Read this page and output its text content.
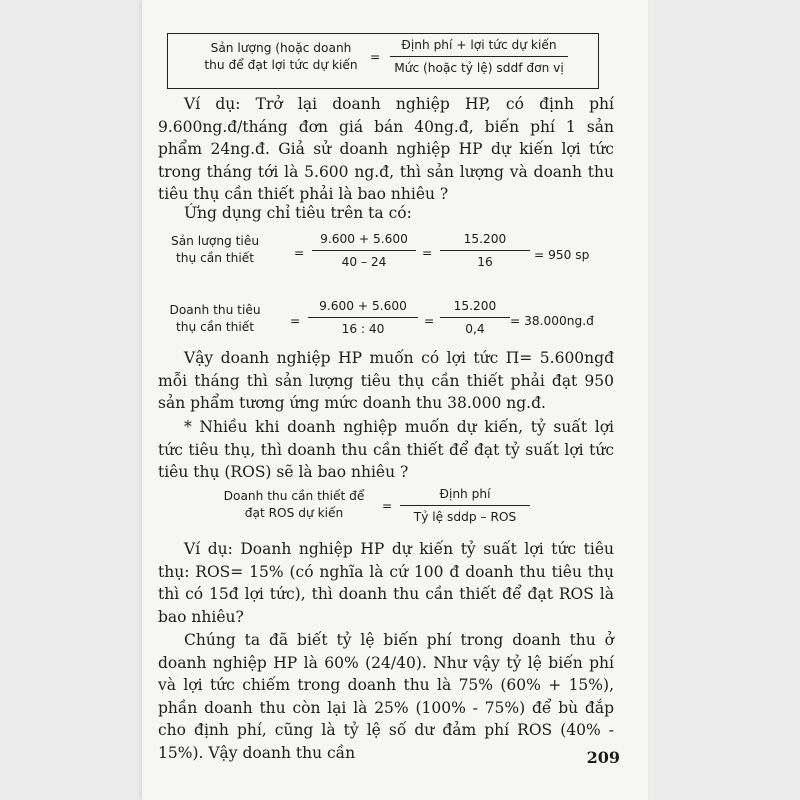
Sản lượng (hoặc doanh
thu để đạt lợi tức dự kiến
=
Định phí + lợi tức dự kiến
Mức (hoặc tỷ lệ) sddf đơn vị

Ví dụ: Trở lại doanh nghiệp HP, có định phí 9.600ng.đ/tháng đơn giá bán 40ng.đ, biến phí 1 sản phẩm 24ng.đ. Giả sử doanh nghiệp HP dự kiến lợi tức trong tháng tới là 5.600 ng.đ, thì sản lượng và doanh thu tiêu thụ cần thiết phải là bao nhiêu ?

Ứng dụng chỉ tiêu trên ta có:

Sản lượng tiêu
thụ cần thiết	=
9.600 + 5.600
40 – 24
=
15.200
16	= 950 sp
Doanh thu tiêu
thụ cần thiết	=
9.600 + 5.600
16 : 40
=
15.200
0,4
= 38.000ng.đ

Vậy doanh nghiệp HP muốn có lợi tức Π= 5.600ngđ mỗi tháng thì sản lượng tiêu thụ cần thiết phải đạt 950 sản phẩm tương ứng mức doanh thu 38.000 ng.đ.

* Nhiều khi doanh nghiệp muốn dự kiến, tỷ suất lợi tức tiêu thụ, thì doanh thu cần thiết để đạt tỷ suất lợi tức tiêu thụ (ROS) sẽ là bao nhiêu ?

Doanh thu cần thiết để
đạt ROS dự kiến	=
Định phí
Tỷ lệ sddp – ROS

Ví dụ: Doanh nghiệp HP dự kiến tỷ suất lợi tức tiêu thụ: ROS= 15% (có nghĩa là cứ 100 đ doanh thu tiêu thụ thì có 15đ lợi tức), thì doanh thu cần thiết để đạt ROS là bao nhiêu?

Chúng ta đã biết tỷ lệ biến phí trong doanh thu ở doanh nghiệp HP là 60% (24/40). Như vậy tỷ lệ biến phí và lợi tức chiếm trong doanh thu là 75% (60% + 15%), phần doanh thu còn lại là 25% (100% - 75%) để bù đắp cho định phí, cũng là tỷ lệ số dư đảm phí ROS (40% - 15%). Vậy doanh thu cần	209
